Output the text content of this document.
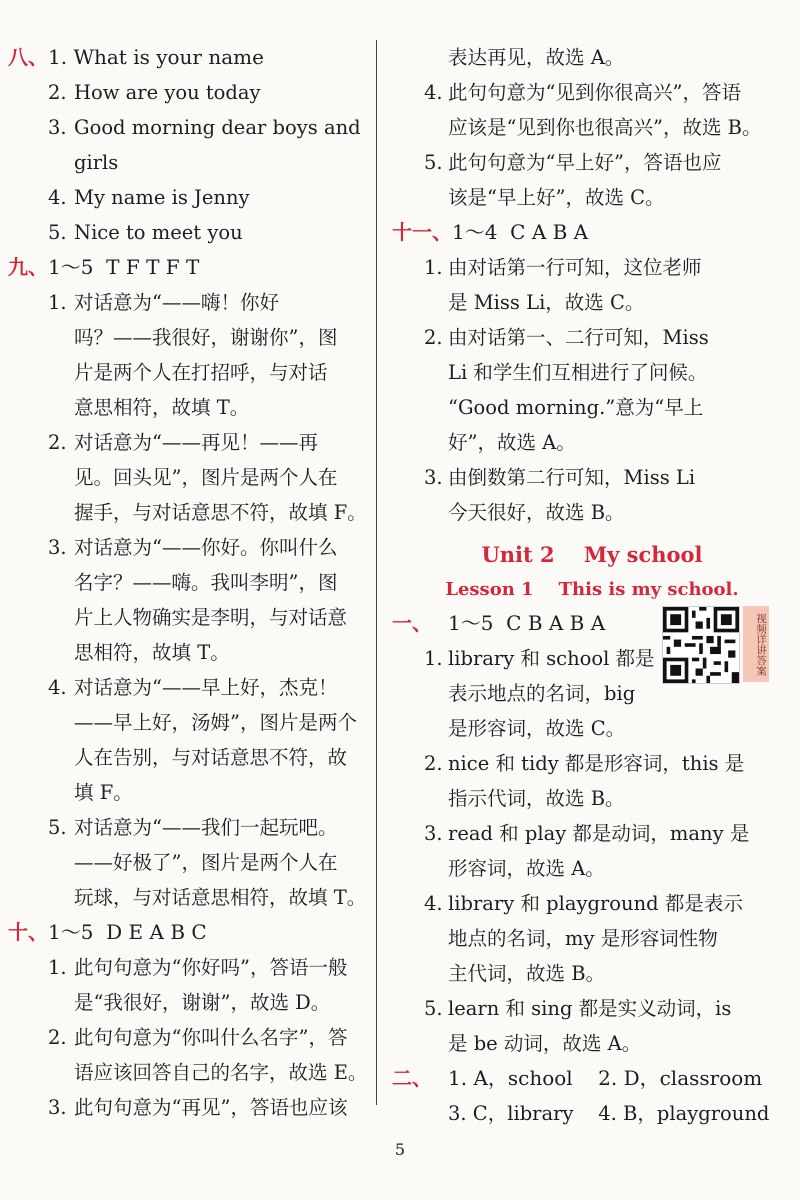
八、 1. What is your name
2. How are you today
3. Good morning dear boys and
girls
4. My name is Jenny
5. Nice to meet you
九、 1～5  T F T F T
1. 对话意为“——嗨！你好
吗？——我很好，谢谢你”，图
片是两个人在打招呼，与对话
意思相符，故填 T。
2. 对话意为“——再见！——再
见。回头见”，图片是两个人在
握手，与对话意思不符，故填 F。
3. 对话意为“——你好。你叫什么
名字？——嗨。我叫李明”，图
片上人物确实是李明，与对话意
思相符，故填 T。
4. 对话意为“——早上好，杰克！
——早上好，汤姆”，图片是两个
人在告别，与对话意思不符，故
填 F。
5. 对话意为“——我们一起玩吧。
——好极了”，图片是两个人在
玩球，与对话意思相符，故填 T。
十、 1～5  D E A B C
1. 此句句意为“你好吗”，答语一般
是“我很好，谢谢”，故选 D。
2. 此句句意为“你叫什么名字”，答
语应该回答自己的名字，故选 E。
3. 此句句意为“再见”，答语也应该
表达再见，故选 A。
4. 此句句意为“见到你很高兴”，答语
应该是“见到你也很高兴”，故选 B。
5. 此句句意为“早上好”，答语也应
该是“早上好”，故选 C。
十一、 1～4  C A B A
1. 由对话第一行可知，这位老师
是 Miss Li，故选 C。
2. 由对话第一、二行可知，Miss
Li 和学生们互相进行了问候。
“Good morning.”意为“早上
好”，故选 A。
3. 由倒数第二行可知，Miss Li
今天很好，故选 B。
Unit 2    My school
Lesson 1    This is my school.
一、 1～5  C B A B A
1. library 和 school 都是
表示地点的名词，big
是形容词，故选 C。
2. nice 和 tidy 都是形容词，this 是
指示代词，故选 B。
3. read 和 play 都是动词，many 是
形容词，故选 A。
4. library 和 playground 都是表示
地点的名词，my 是形容词性物
主代词，故选 B。
5. learn 和 sing 都是实义动词，is
是 be 动词，故选 A。
二、 1. A，school    2. D，classroom
3. C，library    4. B，playground
视频详讲答案
5
